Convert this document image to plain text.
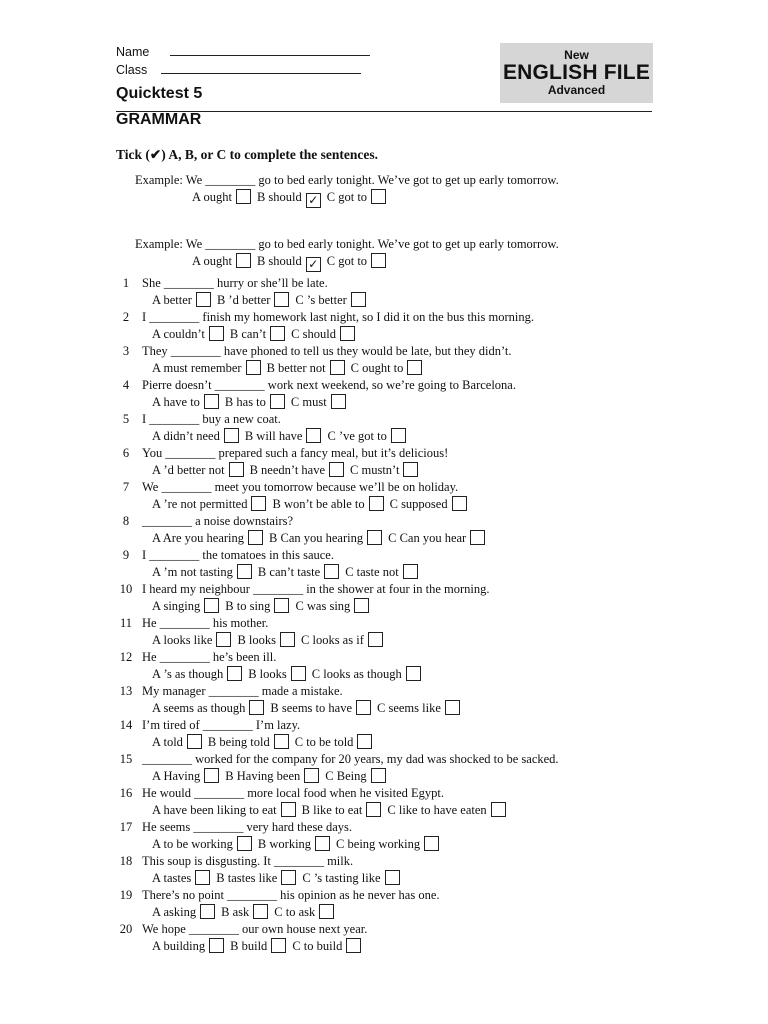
Name
Class
Quicktest 5
New
ENGLISH FILE
Advanced
GRAMMAR
Tick (✔) A, B, or C to complete the sentences.
1 She ________ hurry or she’ll be late.
A better B ’d better C ’s better
2 I ________ finish my homework last night, so I did it on the bus this morning.
A couldn’t B can’t C should
3 They ________ have phoned to tell us they would be late, but they didn’t.
A must remember B better not C ought to
4 Pierre doesn’t ________ work next weekend, so we’re going to Barcelona.
A have to B has to C must
5 I ________ buy a new coat.
A didn’t need B will have C ’ve got to
6 You ________ prepared such a fancy meal, but it’s delicious!
A ’d better not B needn’t have C mustn’t
7 We ________ meet you tomorrow because we’ll be on holiday.
A ’re not permitted B won’t be able to C supposed
8 ________ a noise downstairs?
A Are you hearing B Can you hearing C Can you hear
9 I ________ the tomatoes in this sauce.
A ’m not tasting B can’t taste C taste not
10 I heard my neighbour ________ in the shower at four in the morning.
A singing B to sing C was sing
11 He ________ his mother.
A looks like B looks C looks as if
12 He ________ he’s been ill.
A ’s as though B looks C looks as though
13 My manager ________ made a mistake.
A seems as though B seems to have C seems like
14 I’m tired of ________ I’m lazy.
A told B being told C to be told
15 ________ worked for the company for 20 years, my dad was shocked to be sacked.
A Having B Having been C Being
16 He would ________ more local food when he visited Egypt.
A have been liking to eat B like to eat C like to have eaten
17 He seems ________ very hard these days.
A to be working B working C being working
18 This soup is disgusting. It ________ milk.
A tastes B tastes like C ’s tasting like
19 There’s no point ________ his opinion as he never has one.
A asking B ask C to ask
20 We hope ________ our own house next year.
A building B build C to build
Example: We ________ go to bed early tonight. We’ve got to get up early tomorrow.
A ought B should ✓ C got to
Example: We ________ go to bed early tonight. We’ve got to get up early tomorrow.
A ought B should ✓ C got to
